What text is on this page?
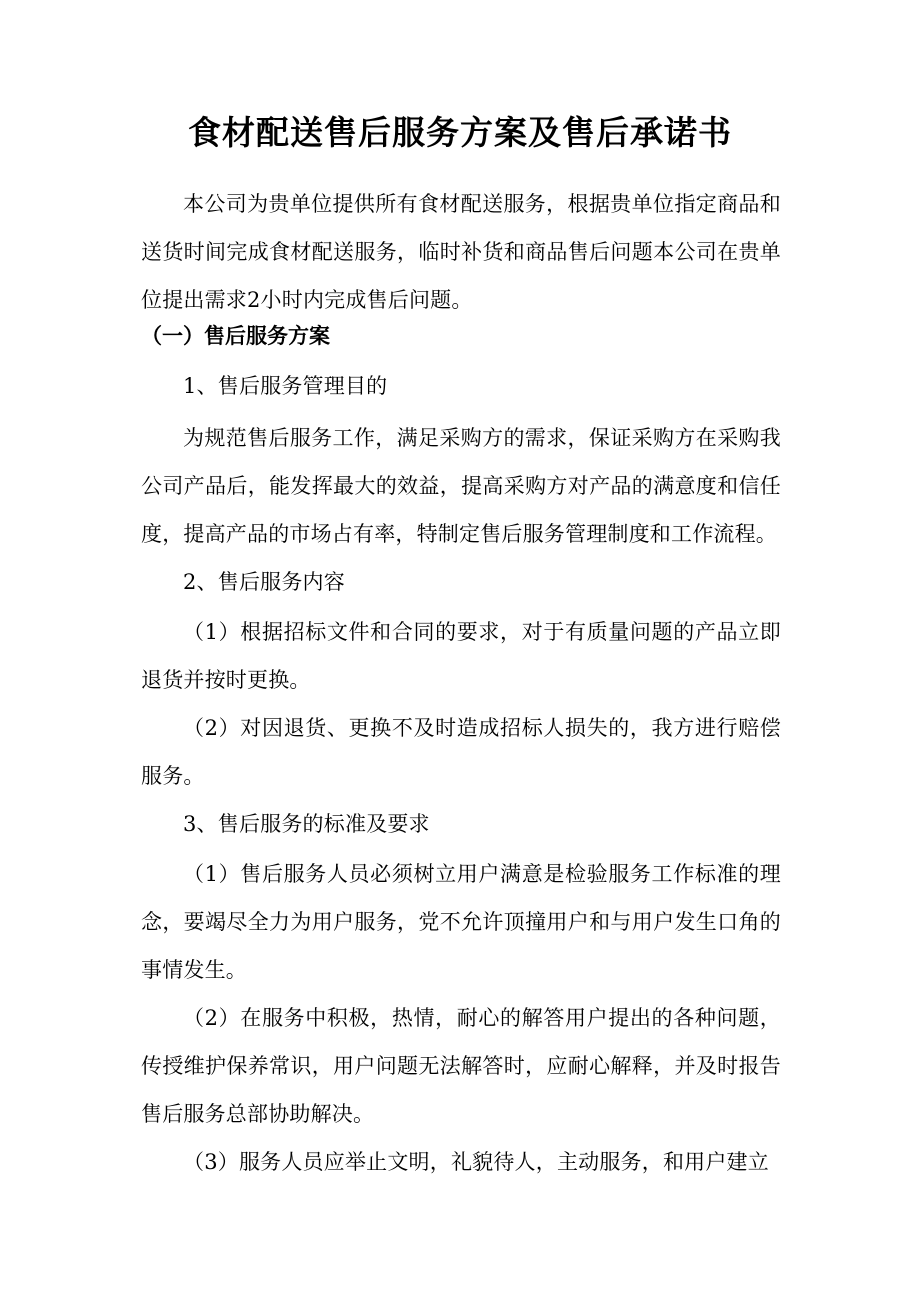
食材配送售后服务方案及售后承诺书

本公司为贵单位提供所有食材配送服务，根据贵单位指定商品和送货时间完成食材配送服务，临时补货和商品售后问题本公司在贵单位提出需求2小时内完成售后问题。

（一）售后服务方案

1、售后服务管理目的

为规范售后服务工作，满足采购方的需求，保证采购方在采购我公司产品后，能发挥最大的效益，提高采购方对产品的满意度和信任度，提高产品的市场占有率，特制定售后服务管理制度和工作流程。

2、售后服务内容

（1）根据招标文件和合同的要求，对于有质量问题的产品立即退货并按时更换。

（2）对因退货、更换不及时造成招标人损失的，我方进行赔偿服务。

3、售后服务的标准及要求

（1）售后服务人员必须树立用户满意是检验服务工作标准的理念，要竭尽全力为用户服务，党不允许顶撞用户和与用户发生口角的事情发生。

（2）在服务中积极，热情，耐心的解答用户提出的各种问题，传授维护保养常识，用户问题无法解答时，应耐心解释，并及时报告售后服务总部协助解决。

（3）服务人员应举止文明，礼貌待人，主动服务，和用户建立
